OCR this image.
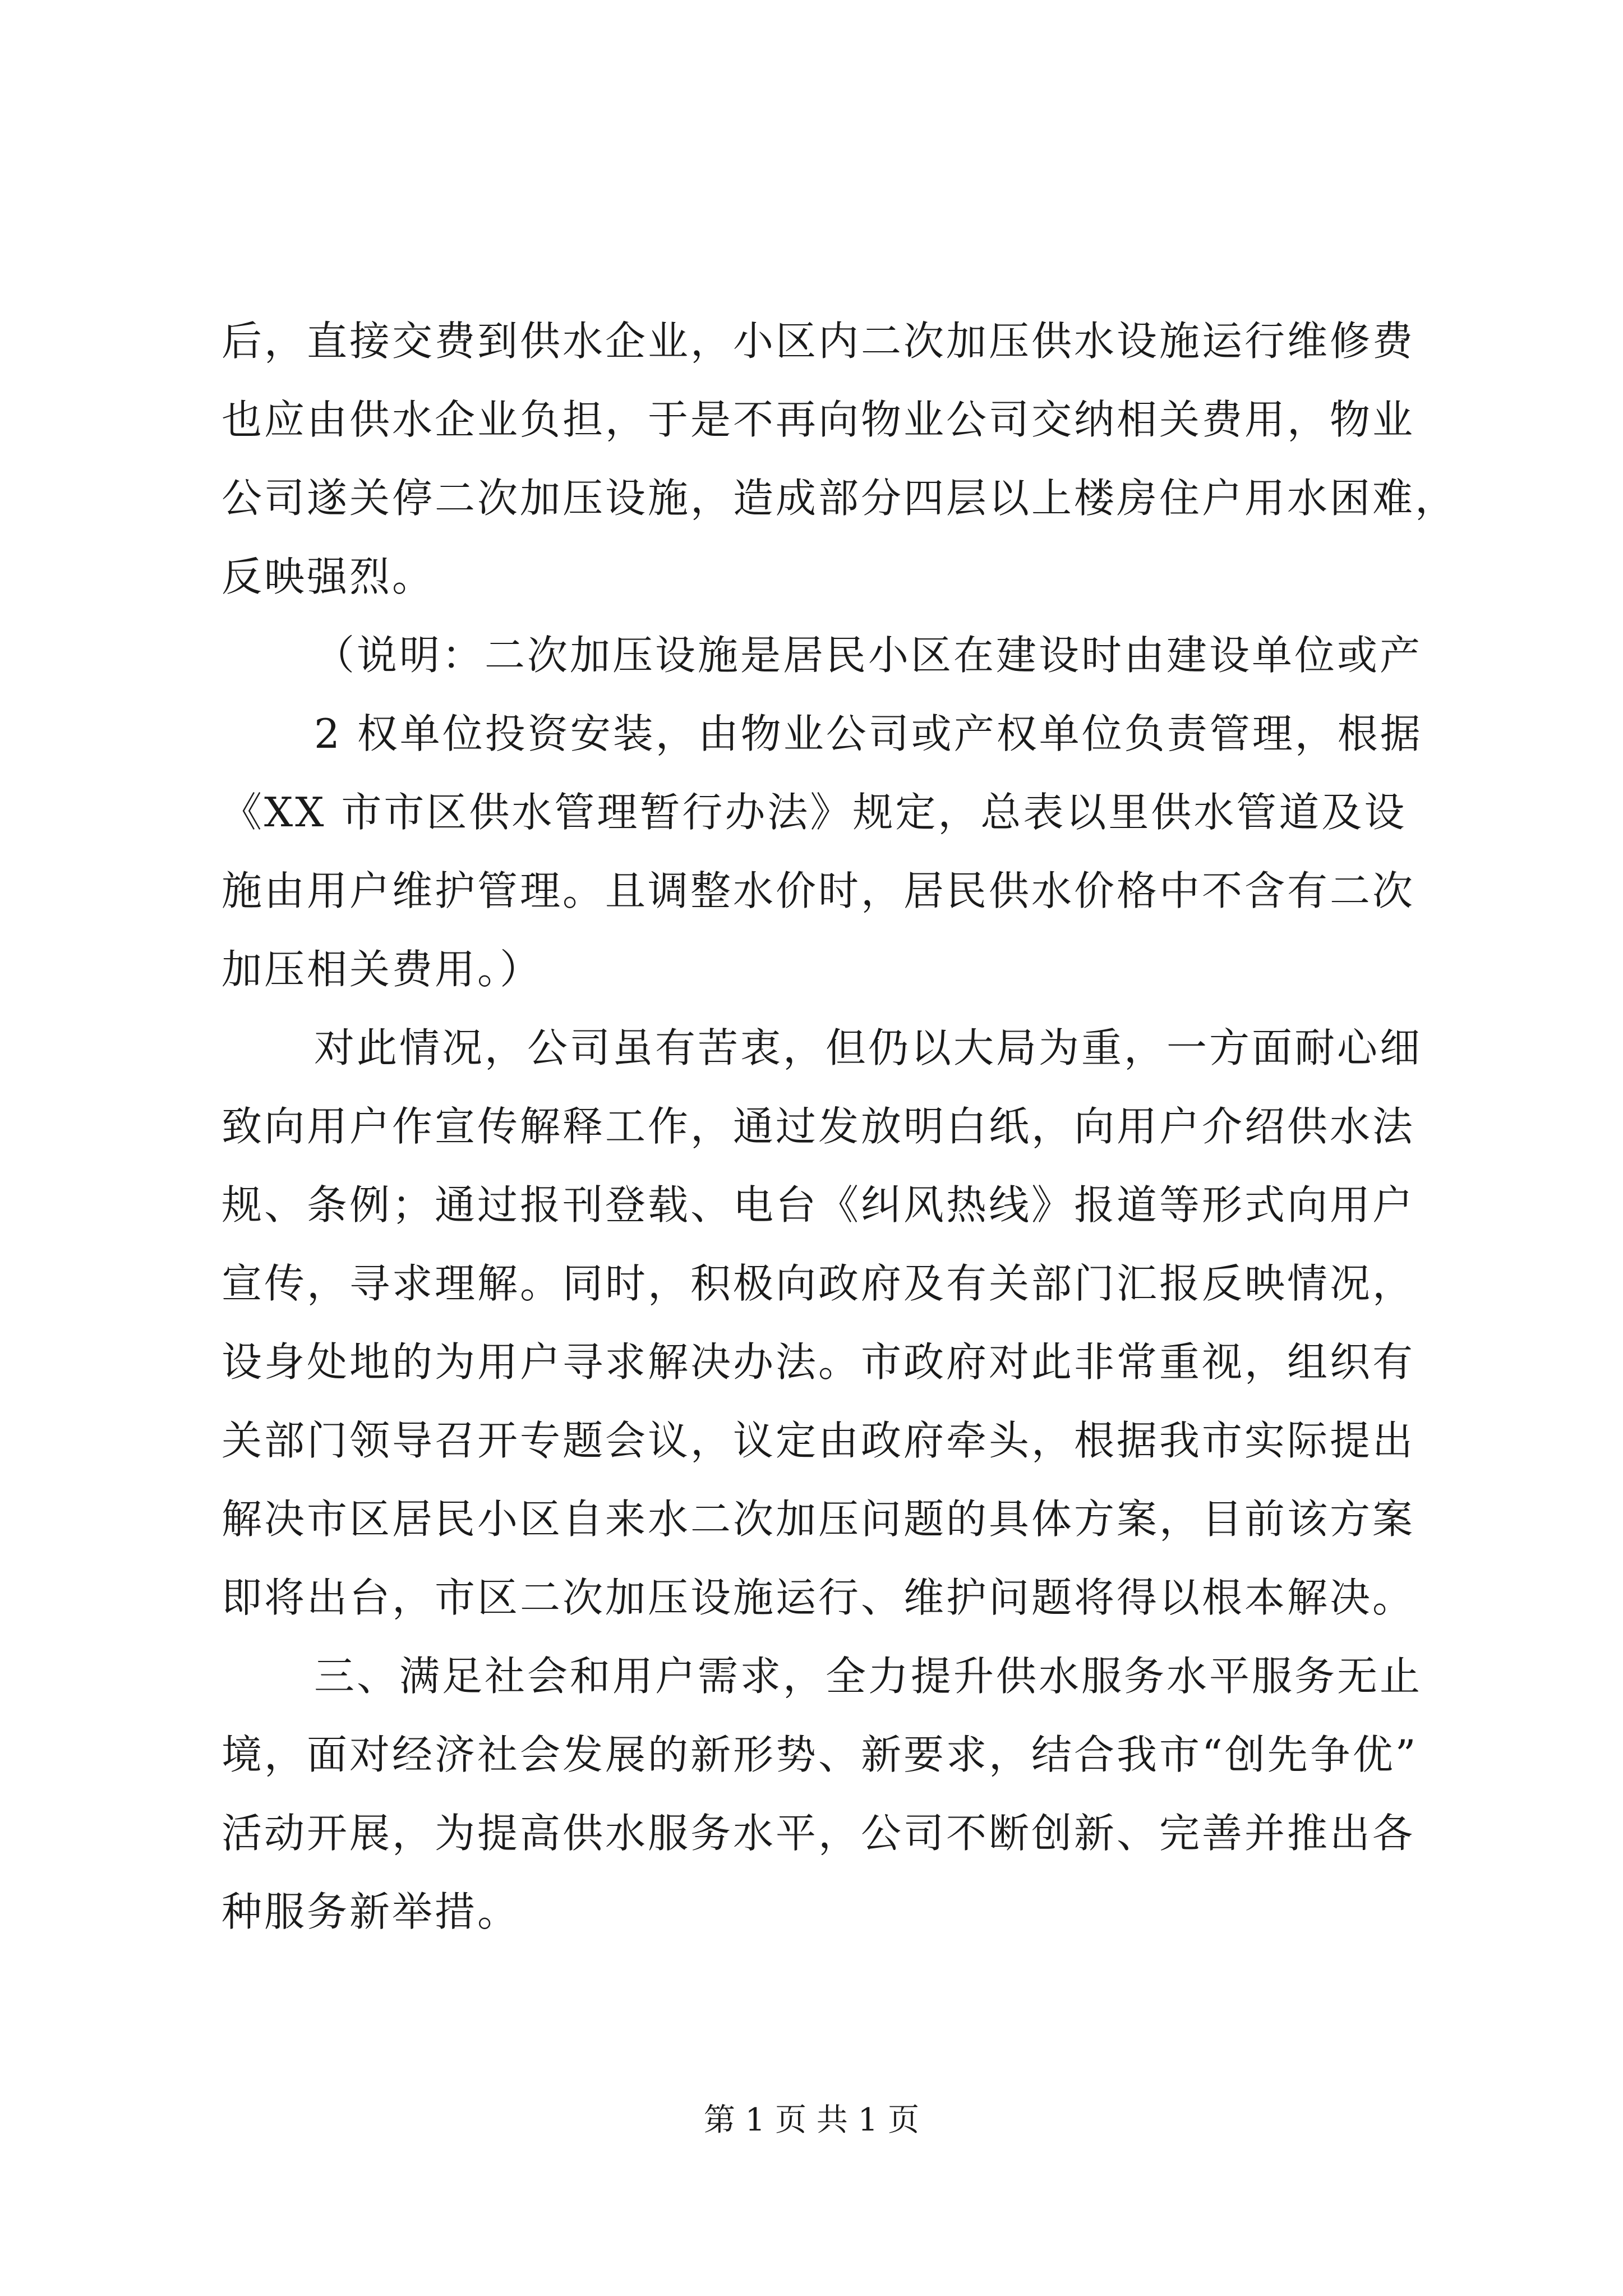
后，直接交费到供水企业，小区内二次加压供水设施运行维修费
也应由供水企业负担，于是不再向物业公司交纳相关费用，物业
公司遂关停二次加压设施，造成部分四层以上楼房住户用水困难，
反映强烈。
（说明：二次加压设施是居民小区在建设时由建设单位或产
2 权单位投资安装，由物业公司或产权单位负责管理，根据
《XX 市市区供水管理暂行办法》规定，总表以里供水管道及设
施由用户维护管理。且调整水价时，居民供水价格中不含有二次
加压相关费用。）
对此情况，公司虽有苦衷，但仍以大局为重，一方面耐心细
致向用户作宣传解释工作，通过发放明白纸，向用户介绍供水法
规、条例；通过报刊登载、电台《纠风热线》报道等形式向用户
宣传，寻求理解。同时，积极向政府及有关部门汇报反映情况，
设身处地的为用户寻求解决办法。市政府对此非常重视，组织有
关部门领导召开专题会议，议定由政府牵头，根据我市实际提出
解决市区居民小区自来水二次加压问题的具体方案，目前该方案
即将出台，市区二次加压设施运行、维护问题将得以根本解决。
三、满足社会和用户需求，全力提升供水服务水平服务无止
境，面对经济社会发展的新形势、新要求，结合我市“创先争优”
活动开展，为提高供水服务水平，公司不断创新、完善并推出各
种服务新举措。
第 1 页 共 1 页
